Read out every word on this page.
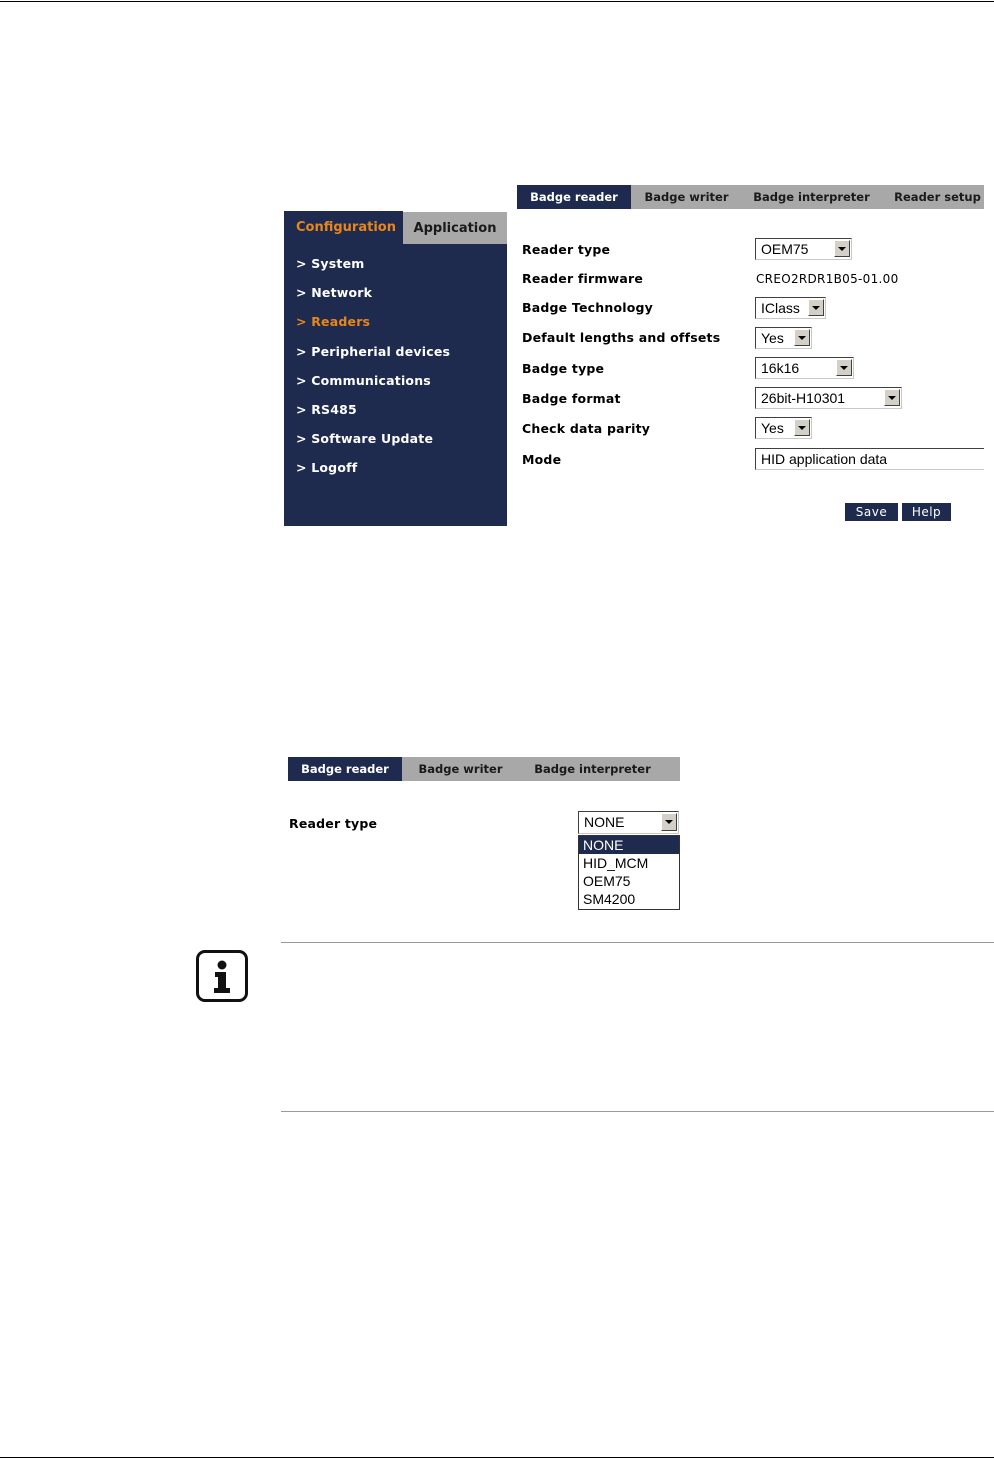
Configuration	Application
> System
> Network
> Readers
> Peripherial devices
> Communications
> RS485
> Software Update
> Logoff
Badge reader	Badge writer	Badge interpreter	Reader setup
Reader type	OEM75
Reader firmware	CREO2RDR1B05-01.00
Badge Technology	IClass
Default lengths and offsets	Yes
Badge type	16k16
Badge format	26bit-H10301
Check data parity	Yes
Mode	HID application data
Save	Help
Badge reader	Badge writer	Badge interpreter
Reader type	NONE
NONE
HID_MCM
OEM75
SM4200
